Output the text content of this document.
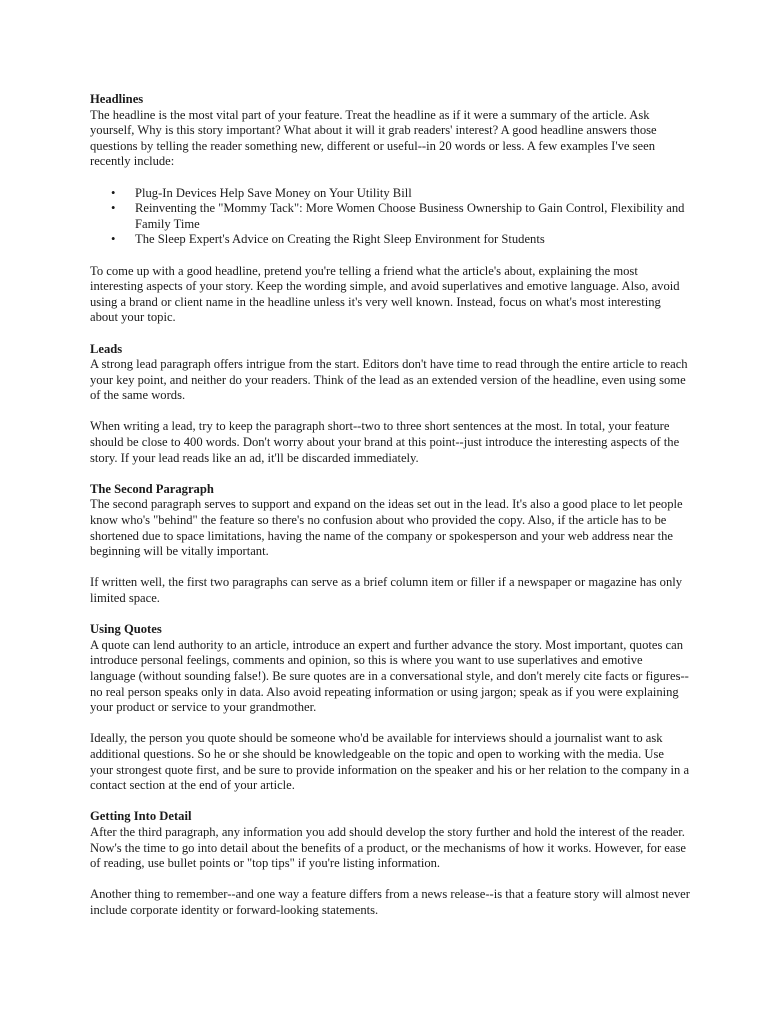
Headlines

The headline is the most vital part of your feature. Treat the headline as if it were a summary of the article. Ask yourself, Why is this story important? What about it will it grab readers' interest? A good headline answers those questions by telling the reader something new, different or useful--in 20 words or less. A few examples I've seen recently include:

• Plug-In Devices Help Save Money on Your Utility Bill
• Reinventing the "Mommy Tack": More Women Choose Business Ownership to Gain Control, Flexibility and Family Time
• The Sleep Expert's Advice on Creating the Right Sleep Environment for Students

To come up with a good headline, pretend you're telling a friend what the article's about, explaining the most interesting aspects of your story. Keep the wording simple, and avoid superlatives and emotive language. Also, avoid using a brand or client name in the headline unless it's very well known. Instead, focus on what's most interesting about your topic.

Leads

A strong lead paragraph offers intrigue from the start. Editors don't have time to read through the entire article to reach your key point, and neither do your readers. Think of the lead as an extended version of the headline, even using some of the same words.

When writing a lead, try to keep the paragraph short--two to three short sentences at the most. In total, your feature should be close to 400 words. Don't worry about your brand at this point--just introduce the interesting aspects of the story. If your lead reads like an ad, it'll be discarded immediately.

The Second Paragraph

The second paragraph serves to support and expand on the ideas set out in the lead. It's also a good place to let people know who's "behind" the feature so there's no confusion about who provided the copy. Also, if the article has to be shortened due to space limitations, having the name of the company or spokesperson and your web address near the beginning will be vitally important.

If written well, the first two paragraphs can serve as a brief column item or filler if a newspaper or magazine has only limited space.

Using Quotes

A quote can lend authority to an article, introduce an expert and further advance the story. Most important, quotes can introduce personal feelings, comments and opinion, so this is where you want to use superlatives and emotive language (without sounding false!). Be sure quotes are in a conversational style, and don't merely cite facts or figures--no real person speaks only in data. Also avoid repeating information or using jargon; speak as if you were explaining your product or service to your grandmother.

Ideally, the person you quote should be someone who'd be available for interviews should a journalist want to ask additional questions. So he or she should be knowledgeable on the topic and open to working with the media. Use your strongest quote first, and be sure to provide information on the speaker and his or her relation to the company in a contact section at the end of your article.

Getting Into Detail

After the third paragraph, any information you add should develop the story further and hold the interest of the reader. Now's the time to go into detail about the benefits of a product, or the mechanisms of how it works. However, for ease of reading, use bullet points or "top tips" if you're listing information.

Another thing to remember--and one way a feature differs from a news release--is that a feature story will almost never include corporate identity or forward-looking statements.
